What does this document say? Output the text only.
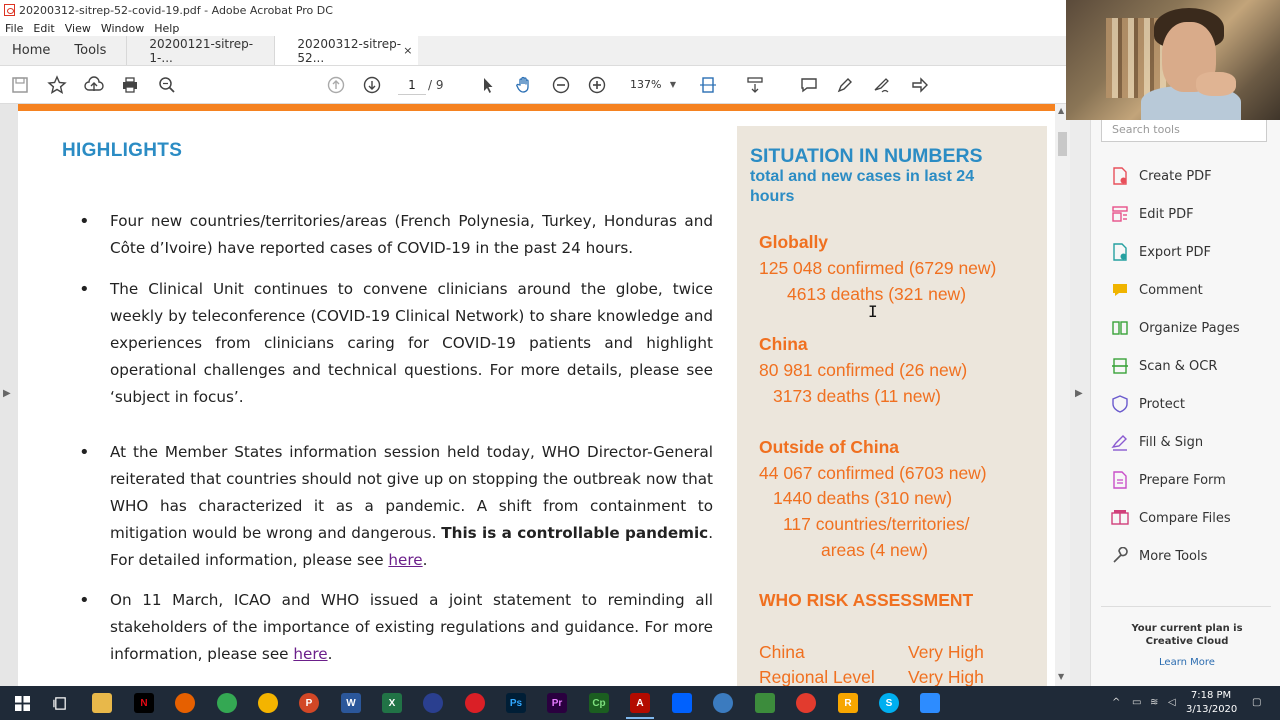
20200312-sitrep-52-covid-19.pdf - Adobe Acrobat Pro DC
File Edit View Window Help
Home	Tools	20200121-sitrep-1-...
20200312-sitrep-52...	×
1	/ 9	137% ▼
▶
HIGHLIGHTS
• Four new countries/territories/areas (French Polynesia, Turkey, Honduras and Côte d’Ivoire) have reported cases of COVID-19 in the past 24 hours.
• The Clinical Unit continues to convene clinicians around the globe, twice weekly by teleconference (COVID-19 Clinical Network) to share knowledge and experiences from clinicians caring for COVID-19 patients and highlight operational challenges and technical questions. For more details, please see ‘subject in focus’.
• At the Member States information session held today, WHO Director-General reiterated that countries should not give up on stopping the outbreak now that WHO has characterized it as a pandemic. A shift from containment to mitigation would be wrong and dangerous. This is a controllable pandemic. For detailed information, please see here.
• On 11 March, ICAO and WHO issued a joint statement to reminding all stakeholders of the importance of existing regulations and guidance. For more information, please see here.
SITUATION IN NUMBERS
total and new cases in last 24 hours
Globally
125 048 confirmed (6729 new)
4613 deaths (321 new)
China
80 981 confirmed (26 new)
3173 deaths (11 new)
Outside of China
44 067 confirmed (6703 new)
1440 deaths (310 new)
117 countries/territories/
areas (4 new)
WHO RISK ASSESSMENT
China	Very High
Regional Level Very High
I
▲
▼
▶
Search tools
Create PDF
Edit PDF
Export PDF
Comment
Organize Pages
Scan & OCR
Protect
Fill & Sign
Prepare Form
Compare Files
More Tools
Your current plan is Creative Cloud
Learn More
N	P	W	X	Ps	Pr	Cp	A	R	S	^ ▭ ≋ ◁
7:18 PM
3/13/2020
▢
